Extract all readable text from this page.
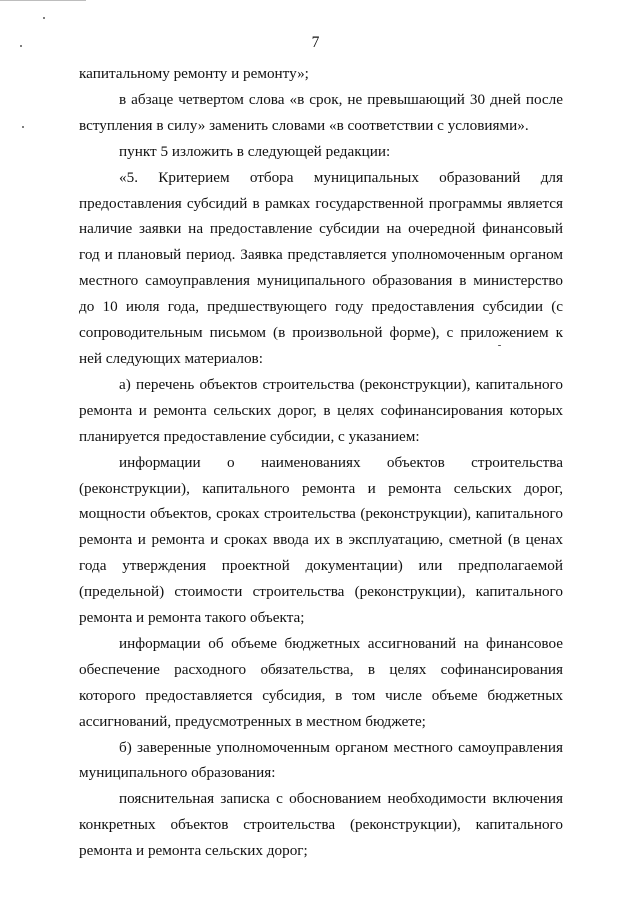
7

капитальному ремонту и ремонту»;

в абзаце четвертом слова «в срок, не превышающий 30 дней после вступления в силу» заменить словами «в соответствии с условиями».

пункт 5 изложить в следующей редакции:

«5. Критерием отбора муниципальных образований для предоставления субсидий в рамках государственной программы является наличие заявки на предоставление субсидии на очередной финансовый год и плановый период. Заявка представляется уполномоченным органом местного самоуправления муниципального образования в министерство до 10 июля года, предшествующего году предоставления субсидии (с сопроводительным письмом (в произвольной форме), с приложением к ней следующих материалов:

а) перечень объектов строительства (реконструкции), капитального ремонта и ремонта сельских дорог, в целях софинансирования которых планируется предоставление субсидии, с указанием:

информации о наименованиях объектов строительства (реконструкции), капитального ремонта и ремонта сельских дорог, мощности объектов, сроках строительства (реконструкции), капитального ремонта и ремонта и сроках ввода их в эксплуатацию, сметной (в ценах года утверждения проектной документации) или предполагаемой (предельной) стоимости строительства (реконструкции), капитального ремонта и ремонта такого объекта;

информации об объеме бюджетных ассигнований на финансовое обеспечение расходного обязательства, в целях софинансирования которого предоставляется субсидия, в том числе объеме бюджетных ассигнований, предусмотренных в местном бюджете;

б) заверенные уполномоченным органом местного самоуправления муниципального образования:

пояснительная записка с обоснованием необходимости включения конкретных объектов строительства (реконструкции), капитального ремонта и ремонта сельских дорог;
